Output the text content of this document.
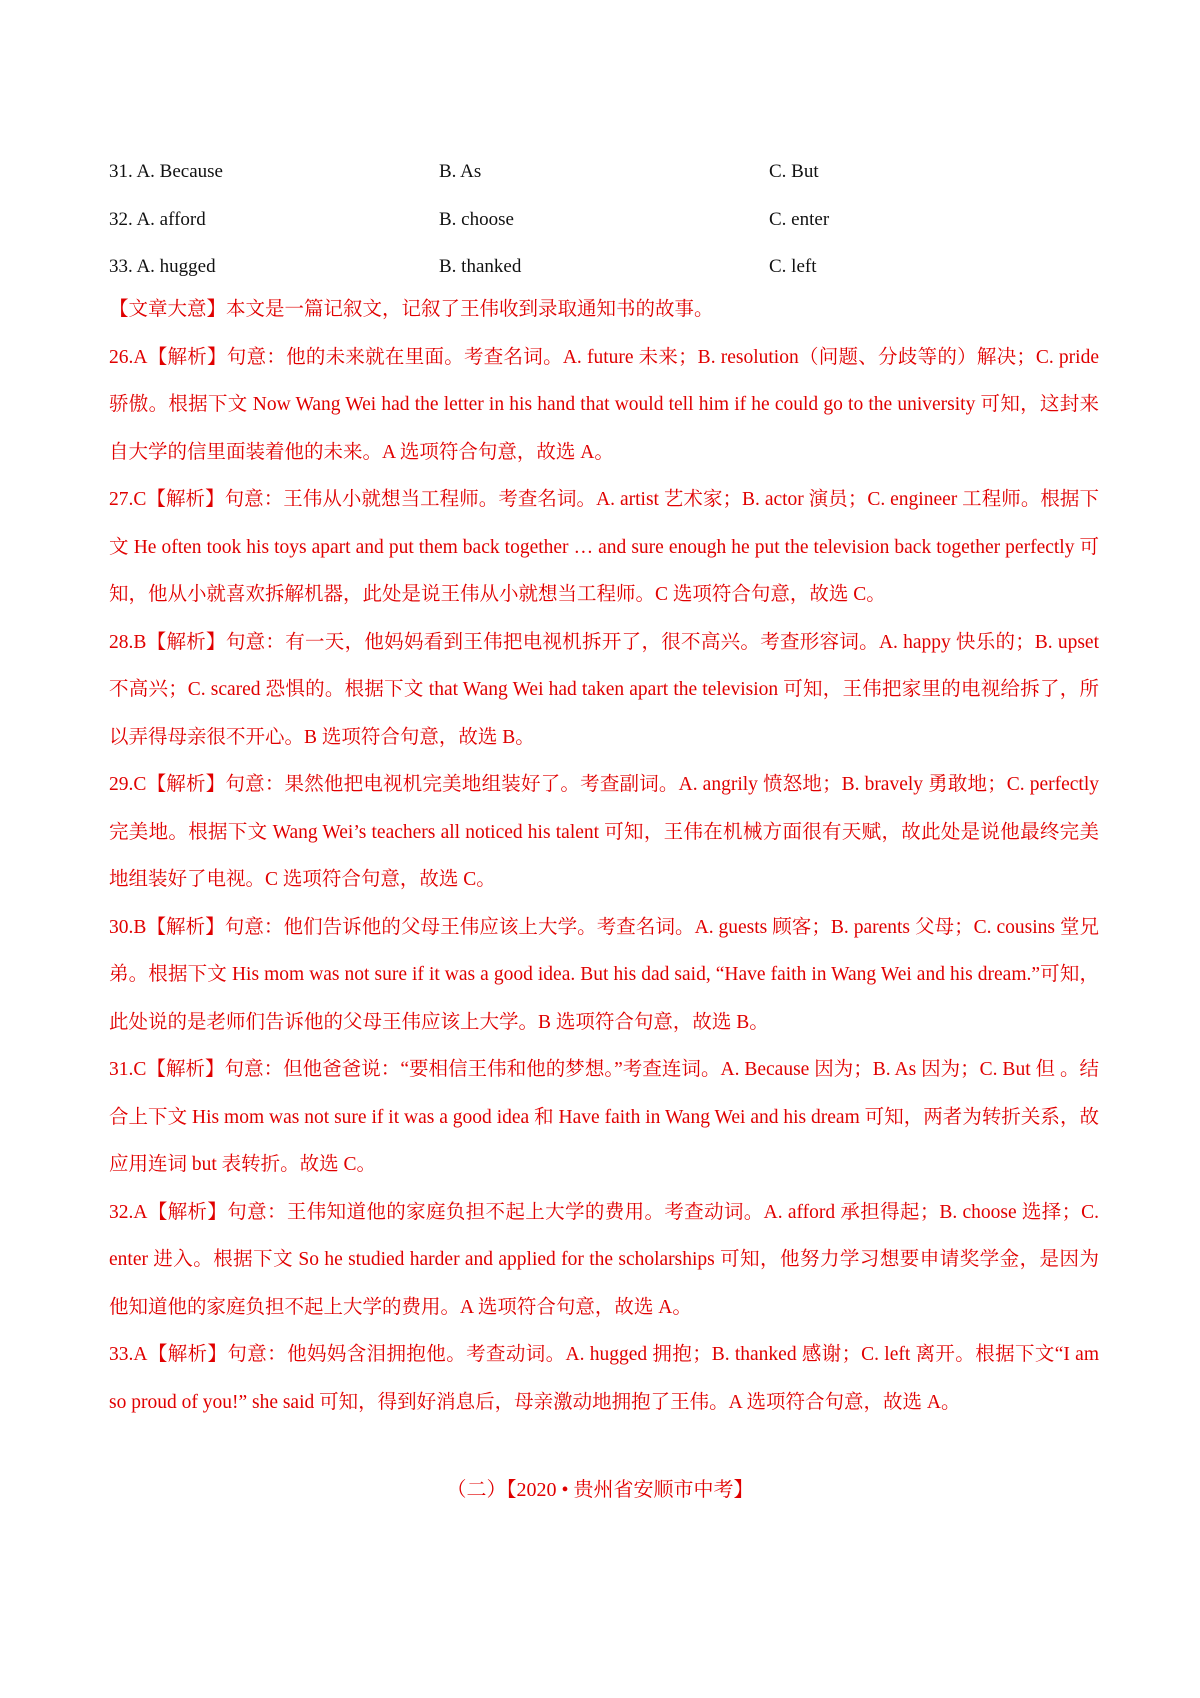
31. A. Because	B. As	C. But
32. A. afford	B. choose	C. enter
33. A. hugged	B. thanked	C. left

【文章大意】本文是一篇记叙文，记叙了王伟收到录取通知书的故事。

26.A【解析】句意：他的未来就在里面。考查名词。A. future 未来；B. resolution（问题、分歧等的）解决；C. pride 骄傲。根据下文 Now Wang Wei had the letter in his hand that would tell him if he could go to the university 可知，这封来自大学的信里面装着他的未来。A 选项符合句意，故选 A。

27.C【解析】句意：王伟从小就想当工程师。考查名词。A. artist 艺术家；B. actor 演员；C. engineer 工程师。根据下文 He often took his toys apart and put them back together … and sure enough he put the television back together perfectly 可知，他从小就喜欢拆解机器，此处是说王伟从小就想当工程师。C 选项符合句意，故选 C。

28.B【解析】句意：有一天，他妈妈看到王伟把电视机拆开了，很不高兴。考查形容词。A. happy 快乐的；B. upset 不高兴；C. scared 恐惧的。根据下文 that Wang Wei had taken apart the television 可知，王伟把家里的电视给拆了，所以弄得母亲很不开心。B 选项符合句意，故选 B。

29.C【解析】句意：果然他把电视机完美地组装好了。考查副词。A. angrily 愤怒地；B. bravely 勇敢地；C. perfectly 完美地。根据下文 Wang Wei’s teachers all noticed his talent 可知，王伟在机械方面很有天赋，故此处是说他最终完美地组装好了电视。C 选项符合句意，故选 C。

30.B【解析】句意：他们告诉他的父母王伟应该上大学。考查名词。A. guests 顾客；B. parents 父母；C. cousins 堂兄弟。根据下文 His mom was not sure if it was a good idea. But his dad said, “Have faith in Wang Wei and his dream.”可知，此处说的是老师们告诉他的父母王伟应该上大学。B 选项符合句意，故选 B。

31.C【解析】句意：但他爸爸说：“要相信王伟和他的梦想。”考查连词。A. Because 因为；B. As 因为；C. But 但 。结合上下文 His mom was not sure if it was a good idea 和 Have faith in Wang Wei and his dream 可知，两者为转折关系，故应用连词 but 表转折。故选 C。

32.A【解析】句意：王伟知道他的家庭负担不起上大学的费用。考查动词。A. afford 承担得起；B. choose 选择；C. enter 进入。根据下文 So he studied harder and applied for the scholarships 可知，他努力学习想要申请奖学金，是因为他知道他的家庭负担不起上大学的费用。A 选项符合句意，故选 A。

33.A【解析】句意：他妈妈含泪拥抱他。考查动词。A. hugged 拥抱；B. thanked 感谢；C. left 离开。根据下文“I am so proud of you!” she said 可知，得到好消息后，母亲激动地拥抱了王伟。A 选项符合句意，故选 A。

（二）【2020 • 贵州省安顺市中考】
